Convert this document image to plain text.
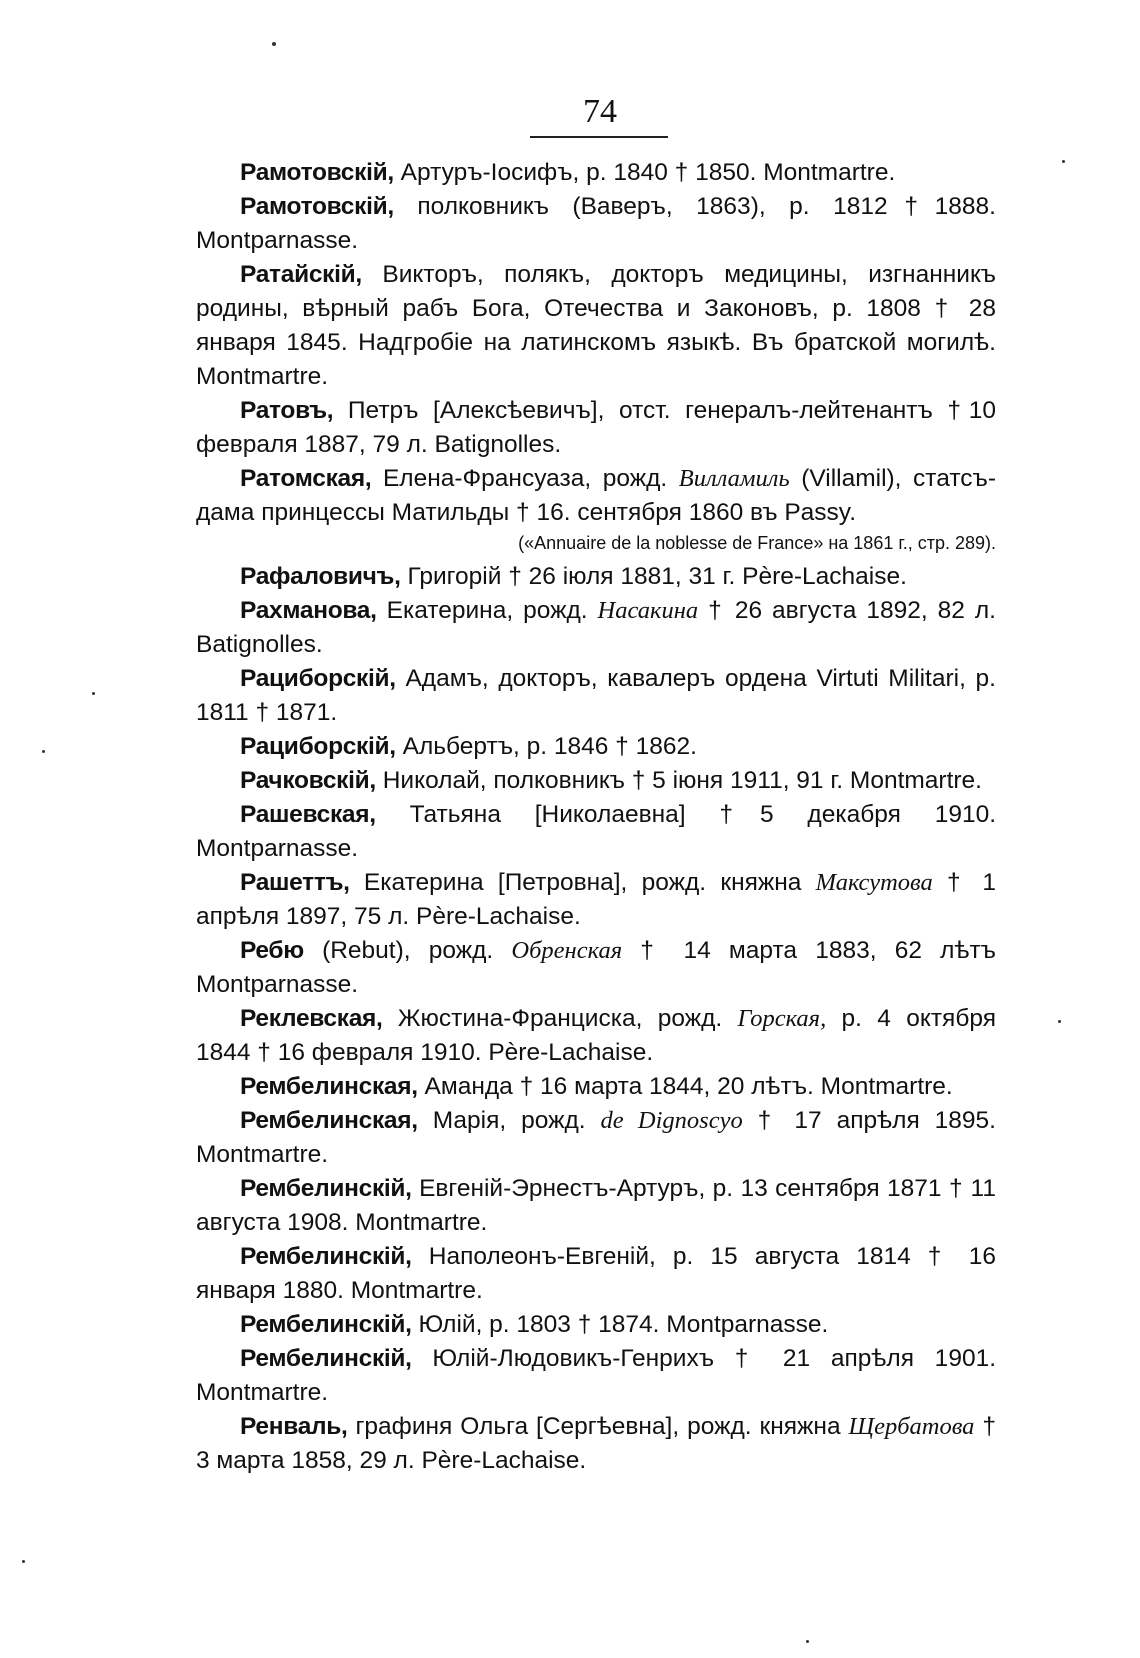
74

Рамотовскій, Артуръ-Іосифъ, р. 1840 † 1850. Montmartre.

Рамотовскій, полковникъ (Ваверъ, 1863), р. 1812†1888. Montparnasse.

Ратайскій, Викторъ, полякъ, докторъ медицины, изгнанникъ родины, вѣрный рабъ Бога, Отечества и Законовъ, р. 1808 † 28 января 1845. Надгробіе на латинскомъ языкѣ. Въ братской могилѣ. Montmartre.

Ратовъ, Петръ [Алексѣевичъ], отст. генералъ-лейтенантъ †10 февраля 1887, 79 л. Batignolles.

Ратомская, Елена-Франсуаза, рожд. Вилламиль (Villamil), статсъ-дама принцессы Матильды † 16. сентября 1860 въ Passy.

(«Annuaire de la noblesse de France» на 1861 г., стр. 289).

Рафаловичъ, Григорій † 26 іюля 1881, 31 г. Père-Lachaise.

Рахманова, Екатерина, рожд. Насакина † 26 августа 1892, 82 л. Batignolles.

Рациборскій, Адамъ, докторъ, кавалеръ ордена Virtuti Militari, р. 1811 † 1871.

Рациборскій, Альбертъ, р. 1846 † 1862.

Рачковскій, Николай, полковникъ † 5 іюня 1911, 91 г. Montmartre.

Рашевская, Татьяна [Николаевна] †5 декабря 1910. Montparnasse.

Рашеттъ, Екатерина [Петровна], рожд. княжна Максутова † 1 апрѣля 1897, 75 л. Père-Lachaise.

Ребю (Rebut), рожд. Обренская † 14 марта 1883, 62 лѣтъ Montparnasse.

Реклевская, Жюстина-Франциска, рожд. Горская, р. 4 октября 1844 † 16 февраля 1910. Père-Lachaise.

Рембелинская, Аманда † 16 марта 1844, 20 лѣтъ. Montmartre.

Рембелинская, Марія, рожд. de Dignoscyo † 17 апрѣля 1895. Montmartre.

Рембелинскій, Евгеній-Эрнестъ-Артуръ, р. 13 сентября 1871 † 11 августа 1908. Montmartre.

Рембелинскій, Наполеонъ-Евгеній, р. 15 августа 1814 † 16 января 1880. Montmartre.

Рембелинскій, Юлій, р. 1803 † 1874. Montparnasse.

Рембелинскій, Юлій-Людовикъ-Генрихъ † 21 апрѣля 1901. Montmartre.

Ренваль, графиня Ольга [Сергѣевна], рожд. княжна Щербатова † 3 марта 1858, 29 л. Père-Lachaise.
